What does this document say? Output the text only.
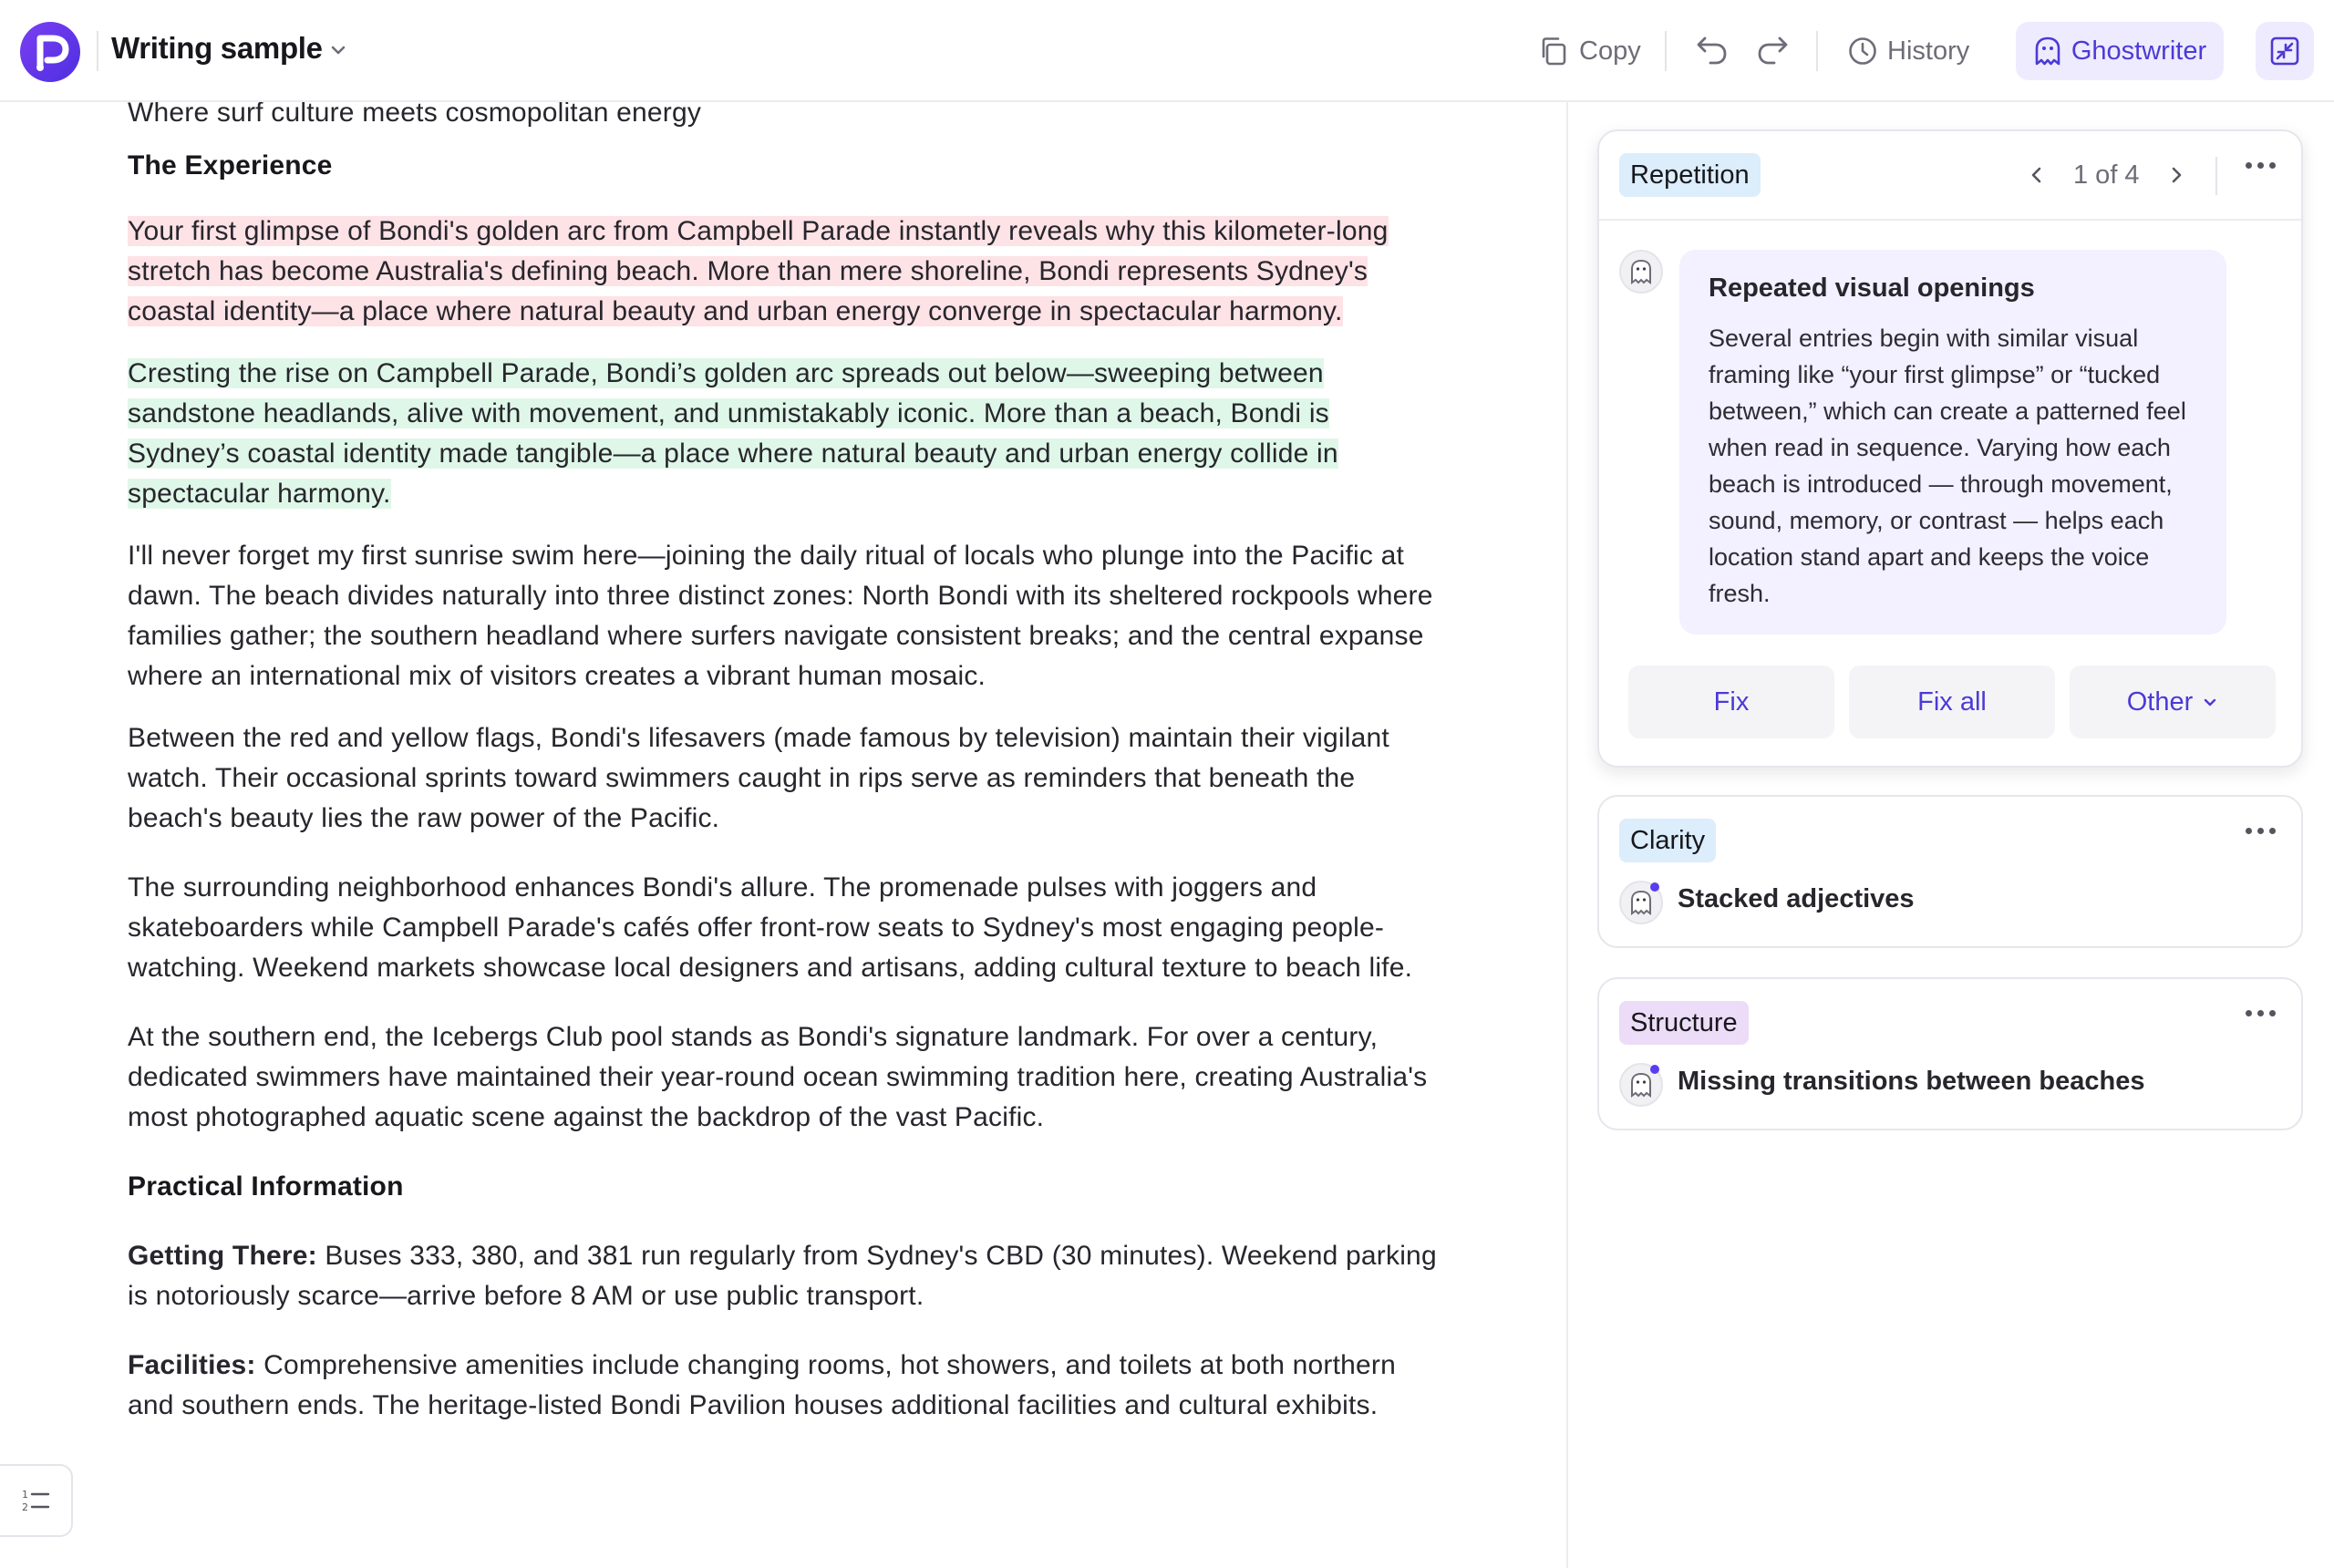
Writing sample	Copy	History	Ghostwriter

Where surf culture meets cosmopolitan energy

The Experience

Your first glimpse of Bondi's golden arc from Campbell Parade instantly reveals why this kilometer-long stretch has become Australia's defining beach. More than mere shoreline, Bondi represents Sydney's coastal identity—a place where natural beauty and urban energy converge in spectacular harmony.

Cresting the rise on Campbell Parade, Bondi’s golden arc spreads out below—sweeping between sandstone headlands, alive with movement, and unmistakably iconic. More than a beach, Bondi is Sydney’s coastal identity made tangible—a place where natural beauty and urban energy collide in spectacular harmony.

I'll never forget my first sunrise swim here—joining the daily ritual of locals who plunge into the Pacific at dawn. The beach divides naturally into three distinct zones: North Bondi with its sheltered rockpools where families gather; the southern headland where surfers navigate consistent breaks; and the central expanse where an international mix of visitors creates a vibrant human mosaic.

Between the red and yellow flags, Bondi's lifesavers (made famous by television) maintain their vigilant watch. Their occasional sprints toward swimmers caught in rips serve as reminders that beneath the beach's beauty lies the raw power of the Pacific.

The surrounding neighborhood enhances Bondi's allure. The promenade pulses with joggers and skateboarders while Campbell Parade's cafés offer front-row seats to Sydney's most engaging people-watching. Weekend markets showcase local designers and artisans, adding cultural texture to beach life.

At the southern end, the Icebergs Club pool stands as Bondi's signature landmark. For over a century, dedicated swimmers have maintained their year-round ocean swimming tradition here, creating Australia's most photographed aquatic scene against the backdrop of the vast Pacific.

Practical Information

Getting There: Buses 333, 380, and 381 run regularly from Sydney's CBD (30 minutes). Weekend parking is notoriously scarce—arrive before 8 AM or use public transport.

Facilities: Comprehensive amenities include changing rooms, hot showers, and toilets at both northern and southern ends. The heritage-listed Bondi Pavilion houses additional facilities and cultural exhibits.

1
2
Repetition	1 of 4
Repeated visual openings

Several entries begin with similar visual framing like “your first glimpse” or “tucked between,” which can create a patterned feel when read in sequence. Varying how each beach is introduced — through movement, sound, memory, or contrast — helps each location stand apart and keeps the voice fresh.

Fix	Fix all	Other
Clarity
Stacked adjectives
Structure
Missing transitions between beaches
